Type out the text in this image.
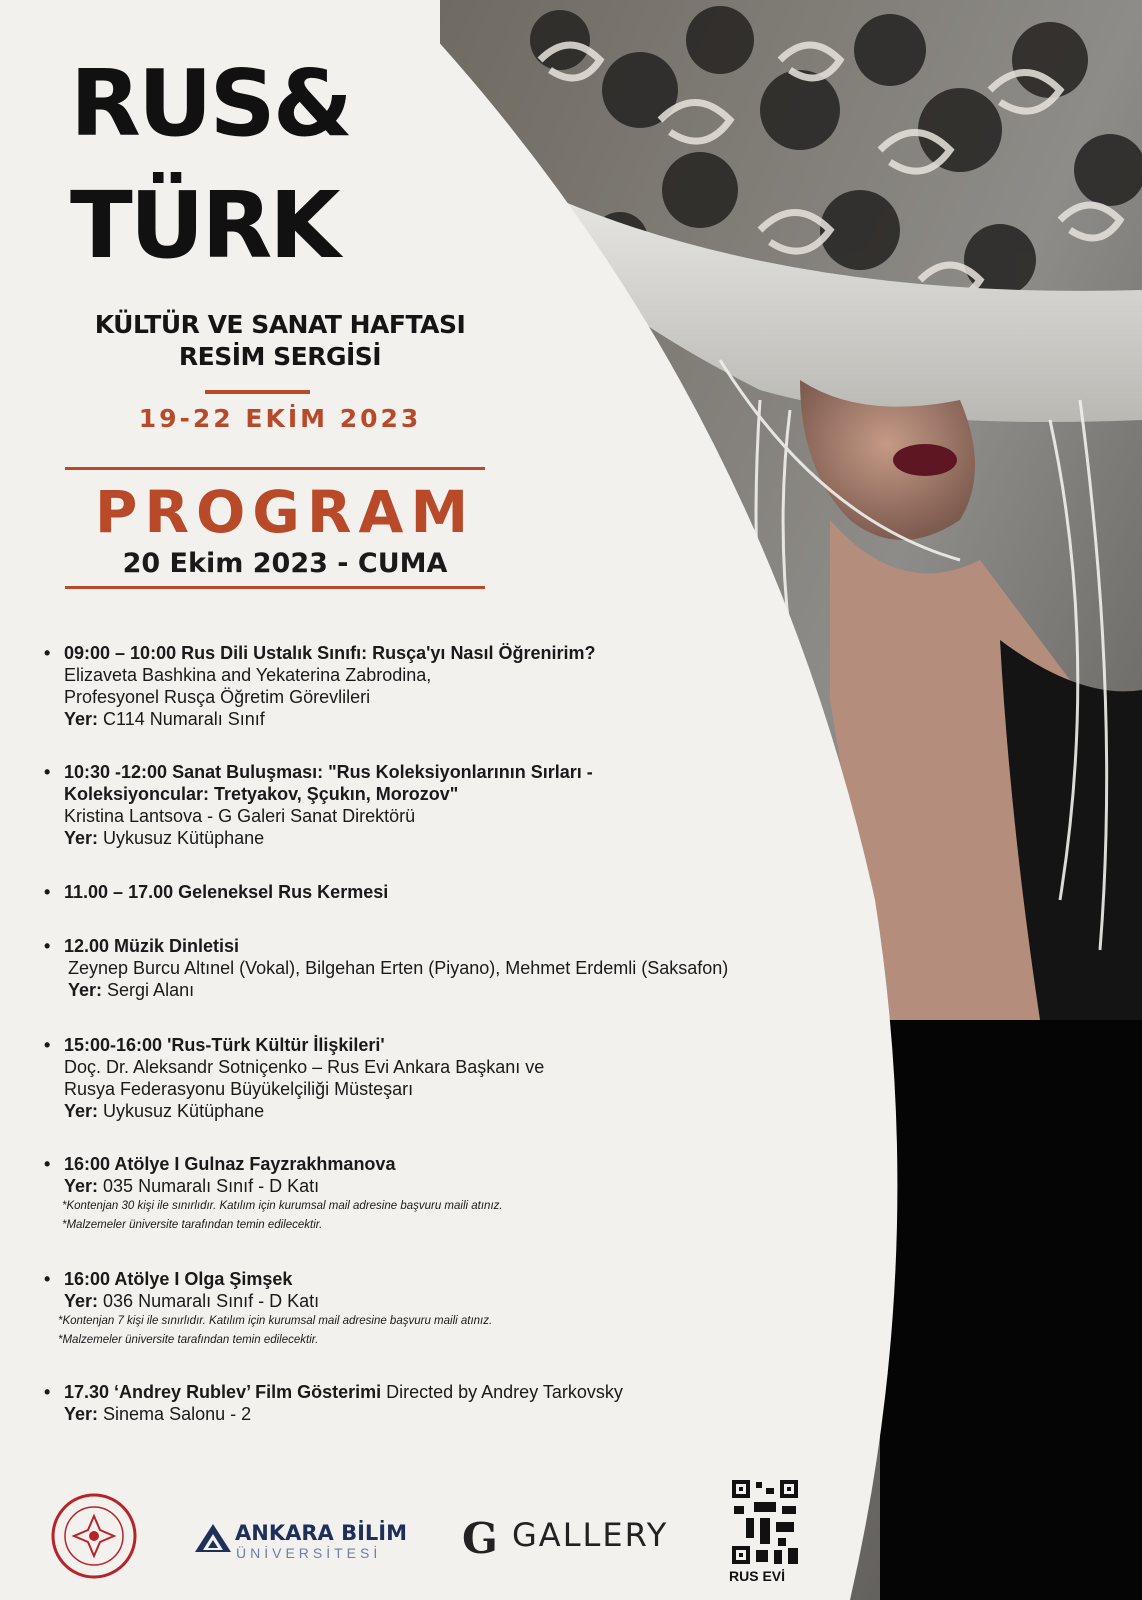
RUS&
TÜRK
KÜLTÜR VE SANAT HAFTASI
RESİM SERGİSİ
19-22 EKİM 2023
PROGRAM
20 Ekim 2023 - CUMA
• 09:00 – 10:00 Rus Dili Ustalık Sınıfı: Rusça'yı Nasıl Öğrenirim?
Elizaveta Bashkina and Yekaterina Zabrodina,
Profesyonel Rusça Öğretim Görevlileri
Yer: C114 Numaralı Sınıf
• 10:30 -12:00 Sanat Buluşması: "Rus Koleksiyonlarının Sırları -
Koleksiyoncular: Tretyakov, Şçukın, Morozov"
Kristina Lantsova - G Galeri Sanat Direktörü
Yer: Uykusuz Kütüphane
• 11.00 – 17.00 Geleneksel Rus Kermesi
• 12.00 Müzik Dinletisi
Zeynep Burcu Altınel (Vokal), Bilgehan Erten (Piyano), Mehmet Erdemli (Saksafon)
Yer: Sergi Alanı
• 15:00-16:00 'Rus-Türk Kültür İlişkileri'
Doç. Dr. Aleksandr Sotniçenko – Rus Evi Ankara Başkanı ve
Rusya Federasyonu Büyükelçiliği Müsteşarı
Yer: Uykusuz Kütüphane
• 16:00 Atölye I Gulnaz Fayzrakhmanova
Yer: 035 Numaralı Sınıf - D Katı
*Kontenjan 30 kişi ile sınırlıdır. Katılım için kurumsal mail adresine başvuru maili atınız.
*Malzemeler üniversite tarafından temin edilecektir.
• 16:00 Atölye I Olga Şimşek
Yer: 036 Numaralı Sınıf - D Katı
*Kontenjan 7 kişi ile sınırlıdır. Katılım için kurumsal mail adresine başvuru maili atınız.
*Malzemeler üniversite tarafından temin edilecektir.
• 17.30 ‘Andrey Rublev’ Film Gösterimi Directed by Andrey Tarkovsky
Yer: Sinema Salonu - 2
ANKARA BİLİM
ÜNİVERSİTESİ G GALLERY
RUS EVİ
